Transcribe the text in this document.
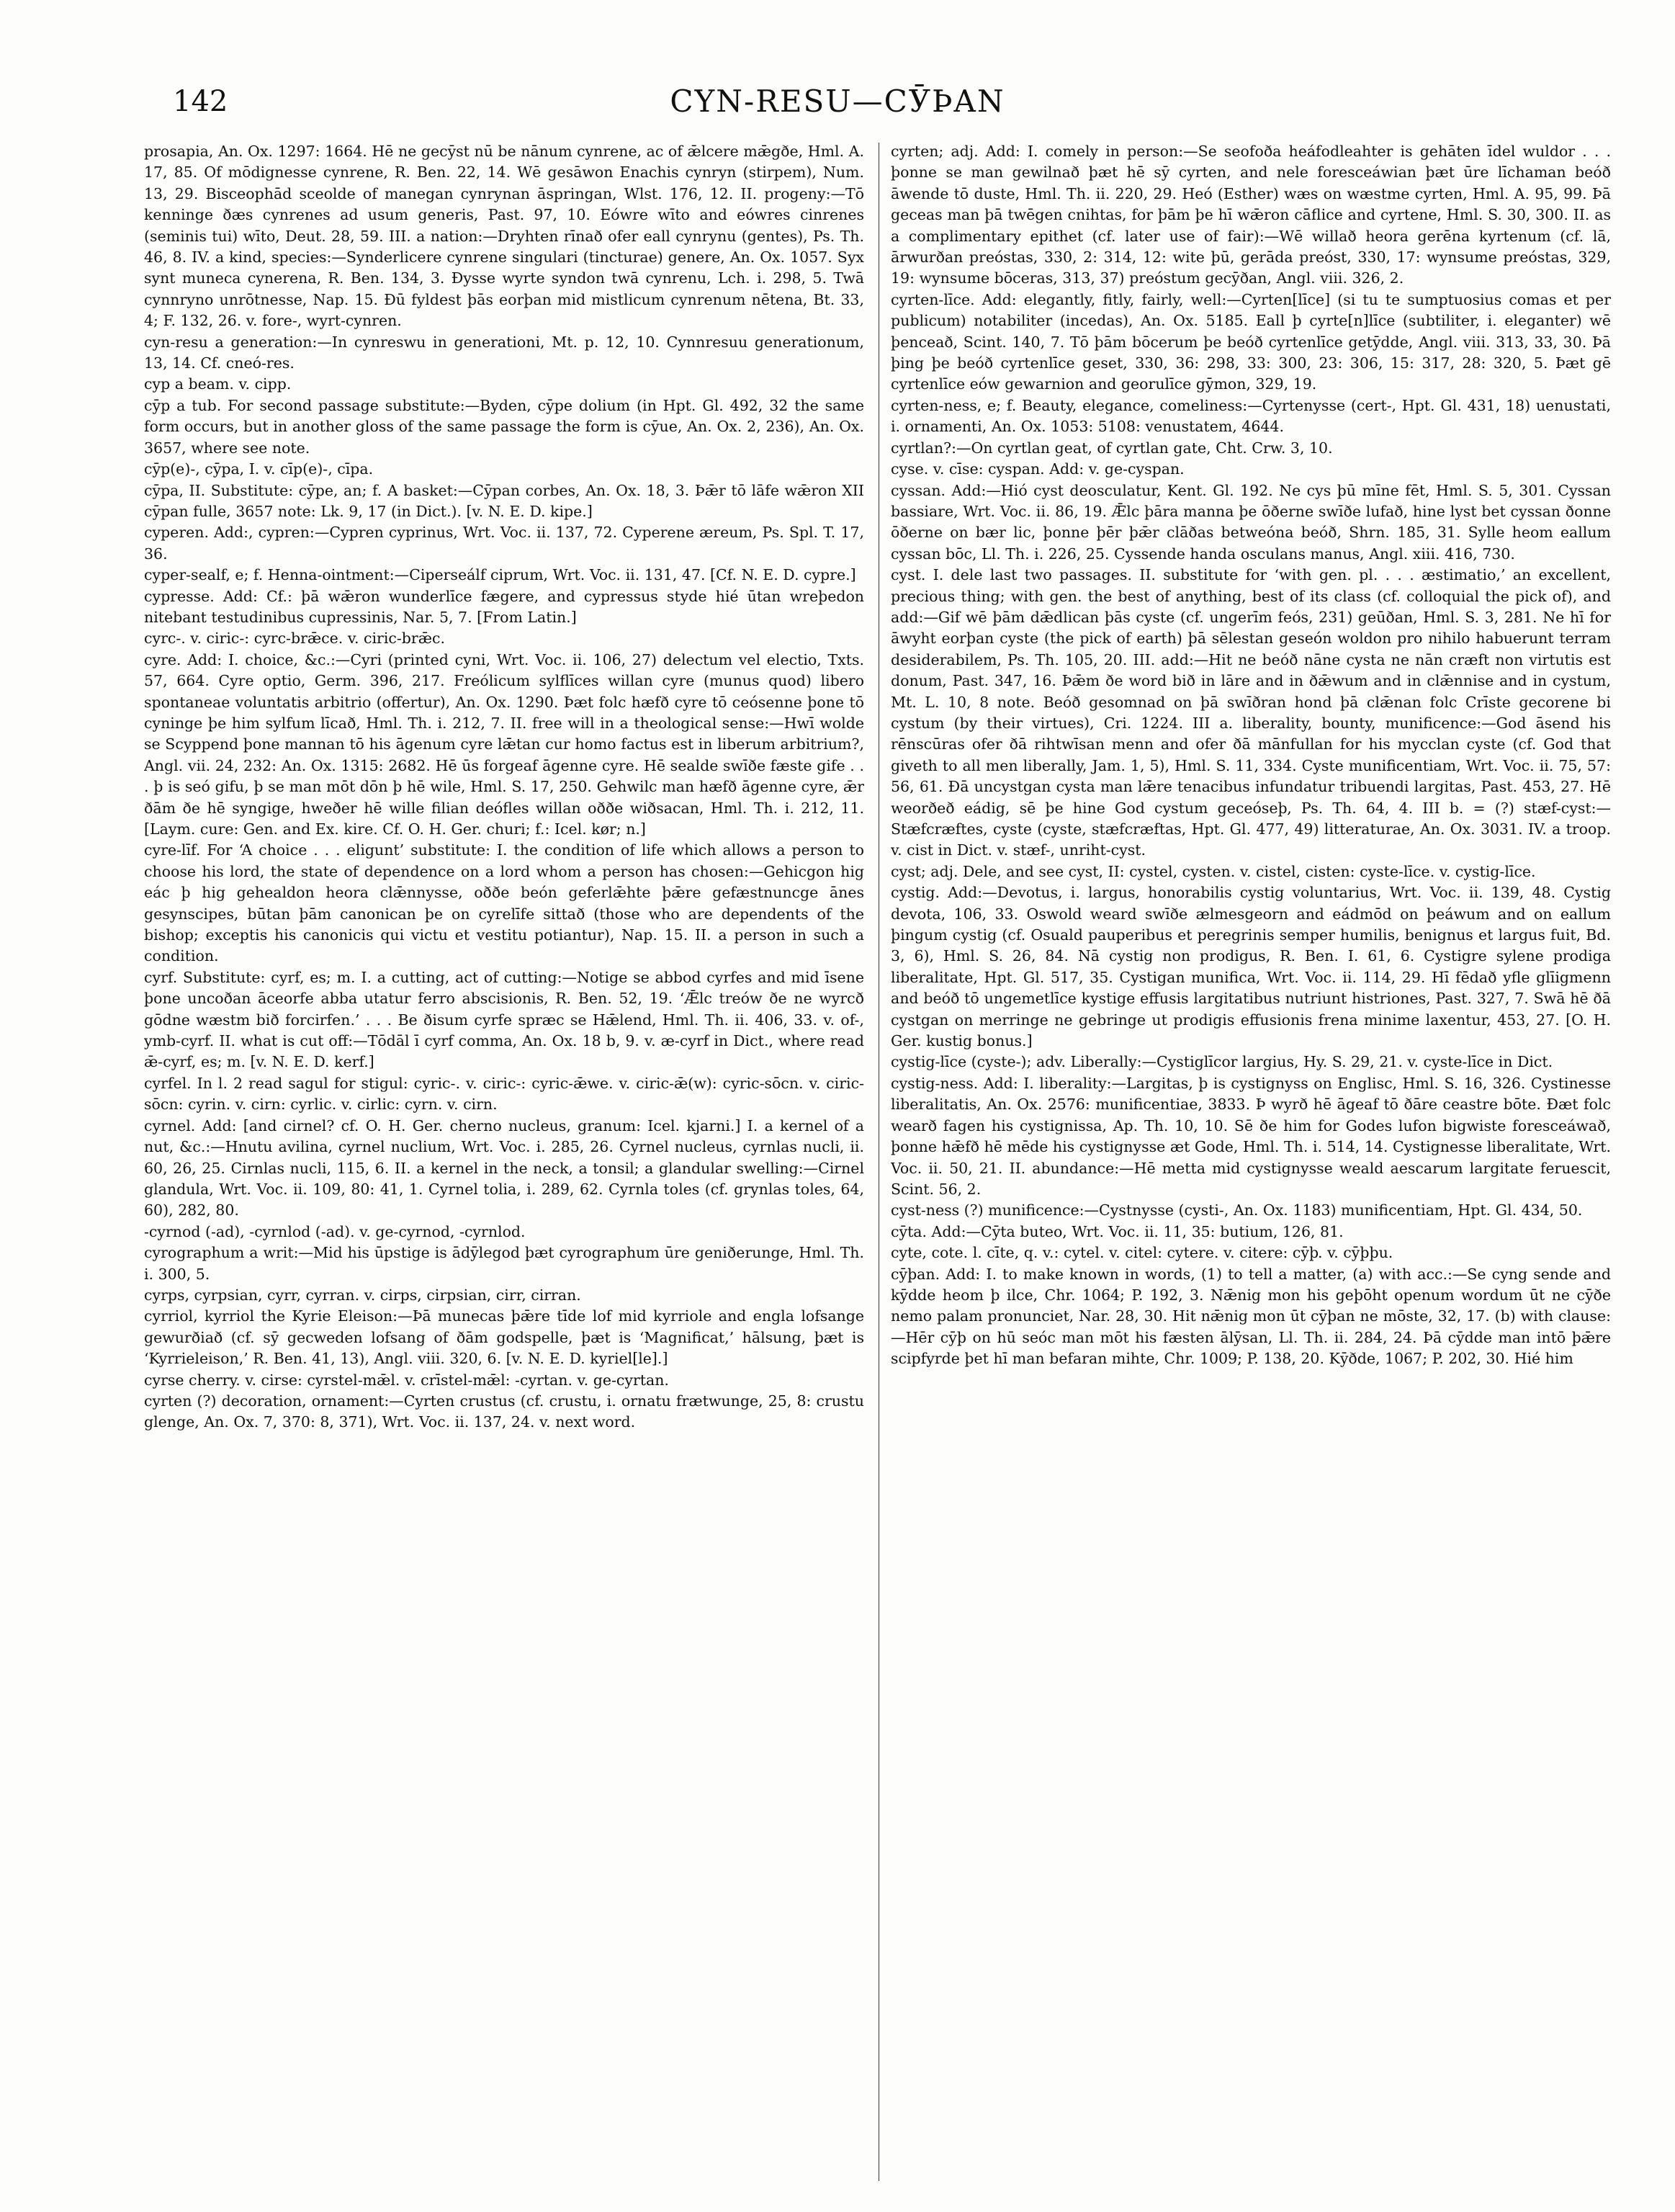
142	CYN-RESU—CӮÞAN

prosapia, An. Ox. 1297: 1664. Hē ne gecȳst nū be nānum cynrene, ac of ǣlcere mǣgðe, Hml. A. 17, 85. Of mōdignesse cynrene, R. Ben. 22, 14. Wē gesāwon Enachis cynryn (stirpem), Num. 13, 29. Bisceophād sceolde of manegan cynrynan āspringan, Wlst. 176, 12. II. progeny:—Tō kenninge ðæs cynrenes ad usum generis, Past. 97, 10. Eówre wīto and eówres cinrenes (seminis tui) wīto, Deut. 28, 59. III. a nation:—Dryhten rīnað ofer eall cynrynu (gentes), Ps. Th. 46, 8. IV. a kind, species:—Synderlicere cynrene singulari (tincturae) genere, An. Ox. 1057. Syx synt muneca cynerena, R. Ben. 134, 3. Ðysse wyrte syndon twā cynrenu, Lch. i. 298, 5. Twā cynnryno unrōtnesse, Nap. 15. Ðū fyldest þās eorþan mid mistlicum cynrenum nētena, Bt. 33, 4; F. 132, 26. v. fore-, wyrt-cynren.

cyn-resu a generation:—In cynreswu in generationi, Mt. p. 12, 10. Cynnresuu generationum, 13, 14. Cf. cneó-res.

cyp a beam. v. cipp.

cȳp a tub. For second passage substitute:—Byden, cȳpe dolium (in Hpt. Gl. 492, 32 the same form occurs, but in another gloss of the same passage the form is cȳue, An. Ox. 2, 236), An. Ox. 3657, where see note.

cȳp(e)-, cȳpa, I. v. cīp(e)-, cīpa.

cȳpa, II. Substitute: cȳpe, an; f. A basket:—Cȳpan corbes, An. Ox. 18, 3. Þǣr tō lāfe wǣron XII cȳpan fulle, 3657 note: Lk. 9, 17 (in Dict.). [v. N. E. D. kipe.]

cyperen. Add:, cypren:—Cypren cyprinus, Wrt. Voc. ii. 137, 72. Cyperene æreum, Ps. Spl. T. 17, 36.

cyper-sealf, e; f. Henna-ointment:—Ciperseálf ciprum, Wrt. Voc. ii. 131, 47. [Cf. N. E. D. cypre.]

cypresse. Add: Cf.: þā wǣron wunderlīce fægere, and cypressus styde hié ūtan wreþedon nitebant testudinibus cupressinis, Nar. 5, 7. [From Latin.]

cyrc-. v. ciric-: cyrc-brǣce. v. ciric-brǣc.

cyre. Add: I. choice, &c.:—Cyri (printed cyni, Wrt. Voc. ii. 106, 27) delectum vel electio, Txts. 57, 664. Cyre optio, Germ. 396, 217. Freólicum sylflīces willan cyre (munus quod) libero spontaneae voluntatis arbitrio (offertur), An. Ox. 1290. Þæt folc hæfð cyre tō ceósenne þone tō cyninge þe him sylfum līcað, Hml. Th. i. 212, 7. II. free will in a theological sense:—Hwī wolde se Scyppend þone mannan tō his āgenum cyre lǣtan cur homo factus est in liberum arbitrium?, Angl. vii. 24, 232: An. Ox. 1315: 2682. Hē ūs forgeaf āgenne cyre. Hē sealde swīðe fæste gife . . . þ is seó gifu, þ se man mōt dōn þ hē wile, Hml. S. 17, 250. Gehwilc man hæfð āgenne cyre, ǣr ðām ðe hē syngige, hweðer hē wille filian deófles willan oððe wiðsacan, Hml. Th. i. 212, 11. [Laym. cure: Gen. and Ex. kire. Cf. O. H. Ger. churi; f.: Icel. kør; n.]

cyre-līf. For ‘A choice . . . eligunt’ substitute: I. the condition of life which allows a person to choose his lord, the state of dependence on a lord whom a person has chosen:—Gehicgon hig eác þ hig gehealdon heora clǣnnysse, oððe beón geferlǣhte þǣre gefæstnuncge ānes gesynscipes, būtan þām canonican þe on cyrelīfe sittað (those who are dependents of the bishop; exceptis his canonicis qui victu et vestitu potiantur), Nap. 15. II. a person in such a condition.

cyrf. Substitute: cyrf, es; m. I. a cutting, act of cutting:—Notige se abbod cyrfes and mid īsene þone uncoðan āceorfe abba utatur ferro abscisionis, R. Ben. 52, 19. ‘Ǣlc treów ðe ne wyrcð gōdne wæstm bið forcirfen.’ . . . Be ðisum cyrfe spræc se Hǣlend, Hml. Th. ii. 406, 33. v. of-, ymb-cyrf. II. what is cut off:—Tōdāl ī cyrf comma, An. Ox. 18 b, 9. v. æ-cyrf in Dict., where read ǣ-cyrf, es; m. [v. N. E. D. kerf.]

cyrfel. In l. 2 read sagul for stigul: cyric-. v. ciric-: cyric-ǣwe. v. ciric-ǣ(w): cyric-sōcn. v. ciric-sōcn: cyrin. v. cirn: cyrlic. v. cirlic: cyrn. v. cirn.

cyrnel. Add: [and cirnel? cf. O. H. Ger. cherno nucleus, granum: Icel. kjarni.] I. a kernel of a nut, &c.:—Hnutu avilina, cyrnel nuclium, Wrt. Voc. i. 285, 26. Cyrnel nucleus, cyrnlas nucli, ii. 60, 26, 25. Cirnlas nucli, 115, 6. II. a kernel in the neck, a tonsil; a glandular swelling:—Cirnel glandula, Wrt. Voc. ii. 109, 80: 41, 1. Cyrnel tolia, i. 289, 62. Cyrnla toles (cf. grynlas toles, 64, 60), 282, 80.

-cyrnod (-ad), -cyrnlod (-ad). v. ge-cyrnod, -cyrnlod.

cyrographum a writ:—Mid his ūpstige is ādȳlegod þæt cyrographum ūre geniðerunge, Hml. Th. i. 300, 5.

cyrps, cyrpsian, cyrr, cyrran. v. cirps, cirpsian, cirr, cirran.

cyrriol, kyrriol the Kyrie Eleison:—Þā munecas þǣre tīde lof mid kyrriole and engla lofsange gewurðiað (cf. sȳ gecweden lofsang of ðām godspelle, þæt is ‘Magnificat,’ hālsung, þæt is ‘Kyrrieleison,’ R. Ben. 41, 13), Angl. viii. 320, 6. [v. N. E. D. kyriel[le].]

cyrse cherry. v. cirse: cyrstel-mǣl. v. crīstel-mǣl: -cyrtan. v. ge-cyrtan.

cyrten (?) decoration, ornament:—Cyrten crustus (cf. crustu, i. ornatu frætwunge, 25, 8: crustu glenge, An. Ox. 7, 370: 8, 371), Wrt. Voc. ii. 137, 24. v. next word.

cyrten; adj. Add: I. comely in person:—Se seofoða heáfodleahter is gehāten īdel wuldor . . . þonne se man gewilnað þæt hē sȳ cyrten, and nele foresceáwian þæt ūre līchaman beóð āwende tō duste, Hml. Th. ii. 220, 29. Heó (Esther) wæs on wæstme cyrten, Hml. A. 95, 99. Þā geceas man þā twēgen cnihtas, for þām þe hī wǣron cāflice and cyrtene, Hml. S. 30, 300. II. as a complimentary epithet (cf. later use of fair):—Wē willað heora gerēna kyrtenum (cf. lā, ārwurðan preóstas, 330, 2: 314, 12: wite þū, gerāda preóst, 330, 17: wynsume preóstas, 329, 19: wynsume bōceras, 313, 37) preóstum gecȳðan, Angl. viii. 326, 2.

cyrten-līce. Add: elegantly, fitly, fairly, well:—Cyrten[līce] (si tu te sumptuosius comas et per publicum) notabiliter (incedas), An. Ox. 5185. Eall þ cyrte[n]līce (subtiliter, i. eleganter) wē þenceað, Scint. 140, 7. Tō þām bōcerum þe beóð cyrtenlīce getȳdde, Angl. viii. 313, 33, 30. Þā þing þe beóð cyrtenlīce geset, 330, 36: 298, 33: 300, 23: 306, 15: 317, 28: 320, 5. Þæt gē cyrtenlīce eów gewarnion and georulīce gȳmon, 329, 19.

cyrten-ness, e; f. Beauty, elegance, comeliness:—Cyrtenysse (cert-, Hpt. Gl. 431, 18) uenustati, i. ornamenti, An. Ox. 1053: 5108: venustatem, 4644.

cyrtlan?:—On cyrtlan geat, of cyrtlan gate, Cht. Crw. 3, 10.

cyse. v. cīse: cyspan. Add: v. ge-cyspan.

cyssan. Add:—Hió cyst deosculatur, Kent. Gl. 192. Ne cys þū mīne fēt, Hml. S. 5, 301. Cyssan bassiare, Wrt. Voc. ii. 86, 19. Ǣlc þāra manna þe ōðerne swīðe lufað, hine lyst bet cyssan ðonne ōðerne on bær lic, þonne þēr þǣr clāðas betweóna beóð, Shrn. 185, 31. Sylle heom eallum cyssan bōc, Ll. Th. i. 226, 25. Cyssende handa osculans manus, Angl. xiii. 416, 730.

cyst. I. dele last two passages. II. substitute for ‘with gen. pl. . . . æstimatio,’ an excellent, precious thing; with gen. the best of anything, best of its class (cf. colloquial the pick of), and add:—Gif wē þām dǣdlican þās cyste (cf. ungerīm feós, 231) geūðan, Hml. S. 3, 281. Ne hī for āwyht eorþan cyste (the pick of earth) þā sēlestan geseón woldon pro nihilo habuerunt terram desiderabilem, Ps. Th. 105, 20. III. add:—Hit ne beóð nāne cysta ne nān cræft non virtutis est donum, Past. 347, 16. Þǣm ðe word bið in lāre and in ðǣwum and in clǣnnise and in cystum, Mt. L. 10, 8 note. Beóð gesomnad on þā swīðran hond þā clǣnan folc Crīste gecorene bi cystum (by their virtues), Cri. 1224. III a. liberality, bounty, munificence:—God āsend his rēnscūras ofer ðā rihtwīsan menn and ofer ðā mānfullan for his mycclan cyste (cf. God that giveth to all men liberally, Jam. 1, 5), Hml. S. 11, 334. Cyste munificentiam, Wrt. Voc. ii. 75, 57: 56, 61. Ðā uncystgan cysta man lǣre tenacibus infundatur tribuendi largitas, Past. 453, 27. Hē weorðeð eádig, sē þe hine God cystum geceóseþ, Ps. Th. 64, 4. III b. = (?) stæf-cyst:—Stæfcræftes, cyste (cyste, stæfcræftas, Hpt. Gl. 477, 49) litteraturae, An. Ox. 3031. IV. a troop. v. cist in Dict. v. stæf-, unriht-cyst.

cyst; adj. Dele, and see cyst, II: cystel, cysten. v. cistel, cisten: cyste-līce. v. cystig-līce.

cystig. Add:—Devotus, i. largus, honorabilis cystig voluntarius, Wrt. Voc. ii. 139, 48. Cystig devota, 106, 33. Oswold weard swīðe ælmesgeorn and eádmōd on þeáwum and on eallum þingum cystig (cf. Osuald pauperibus et peregrinis semper humilis, benignus et largus fuit, Bd. 3, 6), Hml. S. 26, 84. Nā cystig non prodigus, R. Ben. I. 61, 6. Cystigre sylene prodiga liberalitate, Hpt. Gl. 517, 35. Cystigan munifica, Wrt. Voc. ii. 114, 29. Hī fēdað yfle glīigmenn and beóð tō ungemetlīce kystige effusis largitatibus nutriunt histriones, Past. 327, 7. Swā hē ðā cystgan on merringe ne gebringe ut prodigis effusionis frena minime laxentur, 453, 27. [O. H. Ger. kustig bonus.]

cystig-līce (cyste-); adv. Liberally:—Cystiglīcor largius, Hy. S. 29, 21. v. cyste-līce in Dict.

cystig-ness. Add: I. liberality:—Largitas, þ is cystignyss on Englisc, Hml. S. 16, 326. Cystinesse liberalitatis, An. Ox. 2576: munificentiae, 3833. Þ wyrð hē āgeaf tō ðāre ceastre bōte. Ðæt folc wearð fagen his cystignissa, Ap. Th. 10, 10. Sē ðe him for Godes lufon bigwiste foresceáwað, þonne hǣfð hē mēde his cystignysse æt Gode, Hml. Th. i. 514, 14. Cystignesse liberalitate, Wrt. Voc. ii. 50, 21. II. abundance:—Hē metta mid cystignysse weald aescarum largitate feruescit, Scint. 56, 2.

cyst-ness (?) munificence:—Cystnysse (cysti-, An. Ox. 1183) munificentiam, Hpt. Gl. 434, 50.

cȳta. Add:—Cȳta buteo, Wrt. Voc. ii. 11, 35: butium, 126, 81.

cyte, cote. l. cīte, q. v.: cytel. v. citel: cytere. v. citere: cȳþ. v. cȳþþu.

cȳþan. Add: I. to make known in words, (1) to tell a matter, (a) with acc.:—Se cyng sende and kȳdde heom þ ilce, Chr. 1064; P. 192, 3. Nǣnig mon his geþōht openum wordum ūt ne cȳðe nemo palam pronunciet, Nar. 28, 30. Hit nǣnig mon ūt cȳþan ne mōste, 32, 17. (b) with clause:—Hēr cȳþ on hū seóc man mōt his fæsten ālȳsan, Ll. Th. ii. 284, 24. Þā cȳdde man intō þǣre scipfyrde þet hī man befaran mihte, Chr. 1009; P. 138, 20. Kȳðde, 1067; P. 202, 30. Hié him
